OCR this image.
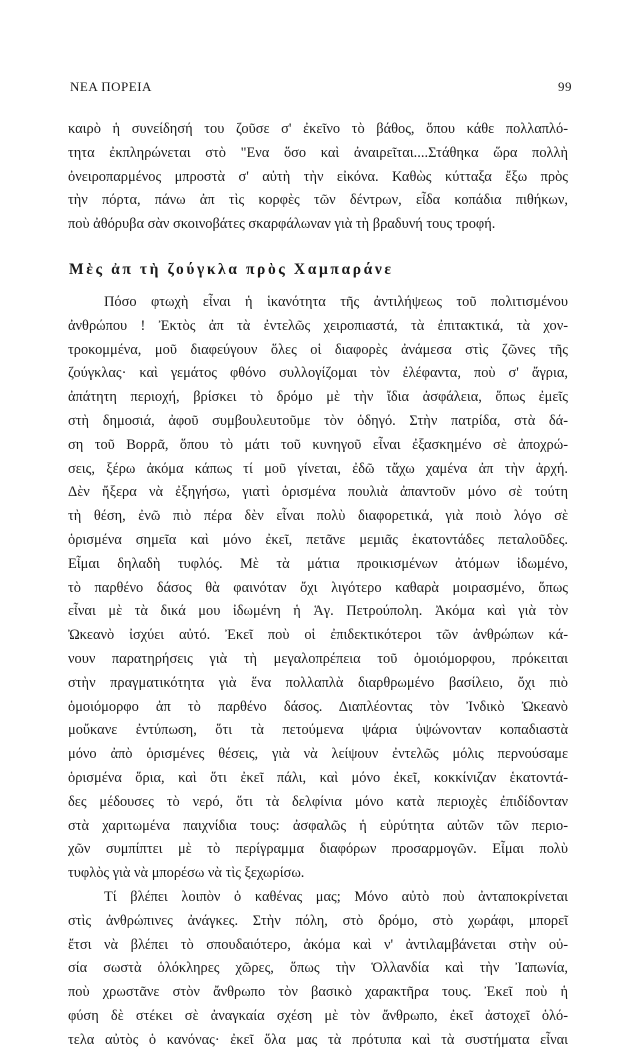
ΝΕΑ ΠΟΡΕΙΑ	99
καιρὸ ἡ συνείδησή του ζοῦσε σ' ἐκεῖνο τὸ βάθος, ὅπου κάθε πολλαπλό-
τητα ἐκπληρώνεται στὸ "Ενα ὅσο καὶ ἀναιρεῖται....Στάθηκα ὥρα πολλὴ
ὀνειροπαρμένος μπροστὰ σ' αὐτὴ τὴν εἰκόνα. Καθὼς κύτταξα ἔξω πρὸς
τὴν πόρτα, πάνω ἀπ τὶς κορφὲς τῶν δέντρων, εἶδα κοπάδια πιθήκων,
ποὺ ἀθόρυβα σὰν σκοινοβάτες σκαρφάλωναν γιὰ τὴ βραδυνή τους τροφή.
Μὲς ἀπ τὴ ζούγκλα πρὸς Χαμπαράνε
Πόσο φτωχὴ εἶναι ἡ ἱκανότητα τῆς ἀντιλήψεως τοῦ πολιτισμένου
ἀνθρώπου ! Ἐκτὸς ἀπ τὰ ἐντελῶς χειροπιαστά, τὰ ἐπιτακτικά, τὰ χον-
τροκομμένα, μοῦ διαφεύγουν ὅλες οἱ διαφορὲς ἀνάμεσα στὶς ζῶνες τῆς
ζούγκλας· καὶ γεμάτος φθόνο συλλογίζομαι τὸν ἐλέφαντα, ποὺ σ' ἄγρια,
ἀπάτητη περιοχή, βρίσκει τὸ δρόμο μὲ τὴν ἴδια ἀσφάλεια, ὅπως ἐμεῖς
στὴ δημοσιά, ἀφοῦ συμβουλευτοῦμε τὸν ὁδηγό. Στὴν πατρίδα, στὰ δά-
ση τοῦ Βορρᾶ, ὅπου τὸ μάτι τοῦ κυνηγοῦ εἶναι ἐξασκημένο σὲ ἀποχρώ-
σεις, ξέρω ἀκόμα κάπως τί μοῦ γίνεται, ἐδῶ τἄχω χαμένα ἀπ τὴν ἀρχή.
Δὲν ἤξερα νὰ ἐξηγήσω, γιατὶ ὁρισμένα πουλιὰ ἀπαντοῦν μόνο σὲ τούτη
τὴ θέση, ἐνῶ πιὸ πέρα δὲν εἶναι πολὺ διαφορετικά, γιὰ ποιὸ λόγο σὲ
ὁρισμένα σημεῖα καὶ μόνο ἐκεῖ, πετᾶνε μεμιᾶς ἑκατοντάδες πεταλοῦδες.
Εἶμαι δηλαδὴ τυφλός. Μὲ τὰ μάτια προικισμένων ἀτόμων ἰδωμένο,
τὸ παρθένο δάσος θὰ φαινόταν ὄχι λιγότερο καθαρὰ μοιρασμένο, ὅπως
εἶναι μὲ τὰ δικά μου ἰδωμένη ἡ Ἁγ. Πετρούπολη. Ἀκόμα καὶ γιὰ τὸν
Ὠκεανὸ ἰσχύει αὐτό. Ἐκεῖ ποὺ οἱ ἐπιδεκτικότεροι τῶν ἀνθρώπων κά-
νουν παρατηρήσεις γιὰ τὴ μεγαλοπρέπεια τοῦ ὁμοιόμορφου, πρόκειται
στὴν πραγματικότητα γιὰ ἕνα πολλαπλὰ διαρθρωμένο βασίλειο, ὄχι πιὸ
ὁμοιόμορφο ἀπ τὸ παρθένο δάσος. Διαπλέοντας τὸν Ἰνδικὸ Ὠκεανὸ
μοὔκανε ἐντύπωση, ὅτι τὰ πετούμενα ψάρια ὑψώνονταν κοπαδιαστὰ
μόνο ἀπὸ ὁρισμένες θέσεις, γιὰ νὰ λείψουν ἐντελῶς μόλις περνούσαμε
ὁρισμένα ὅρια, καὶ ὅτι ἐκεῖ πάλι, καὶ μόνο ἐκεῖ, κοκκίνιζαν ἑκατοντά-
δες μέδουσες τὸ νερό, ὅτι τὰ δελφίνια μόνο κατὰ περιοχὲς ἐπιδίδονταν
στὰ χαριτωμένα παιχνίδια τους: ἀσφαλῶς ἡ εὐρύτητα αὐτῶν τῶν περιο-
χῶν συμπίπτει μὲ τὸ περίγραμμα διαφόρων προσαρμογῶν. Εἶμαι πολὺ
τυφλὸς γιὰ νὰ μπορέσω νὰ τὶς ξεχωρίσω.
Τί βλέπει λοιπὸν ὁ καθένας μας; Μόνο αὐτὸ ποὺ ἀνταποκρίνεται
στὶς ἀνθρώπινες ἀνάγκες. Στὴν πόλη, στὸ δρόμο, στὸ χωράφι, μπορεῖ
ἔτσι νὰ βλέπει τὸ σπουδαιότερο, ἀκόμα καὶ ν' ἀντιλαμβάνεται στὴν οὐ-
σία σωστὰ ὁλόκληρες χῶρες, ὅπως τὴν Ὁλλανδία καὶ τὴν Ἰαπωνία,
ποὺ χρωστᾶνε στὸν ἄνθρωπο τὸν βασικὸ χαρακτῆρα τους. Ἐκεῖ ποὺ ἡ
φύση δὲ στέκει σὲ ἀναγκαία σχέση μὲ τὸν ἄνθρωπο, ἐκεῖ ἀστοχεῖ ὁλό-
τελα αὐτὸς ὁ κανόνας· ἐκεῖ ὅλα μας τὰ πρότυπα καὶ τὰ συστήματα εἶναι
